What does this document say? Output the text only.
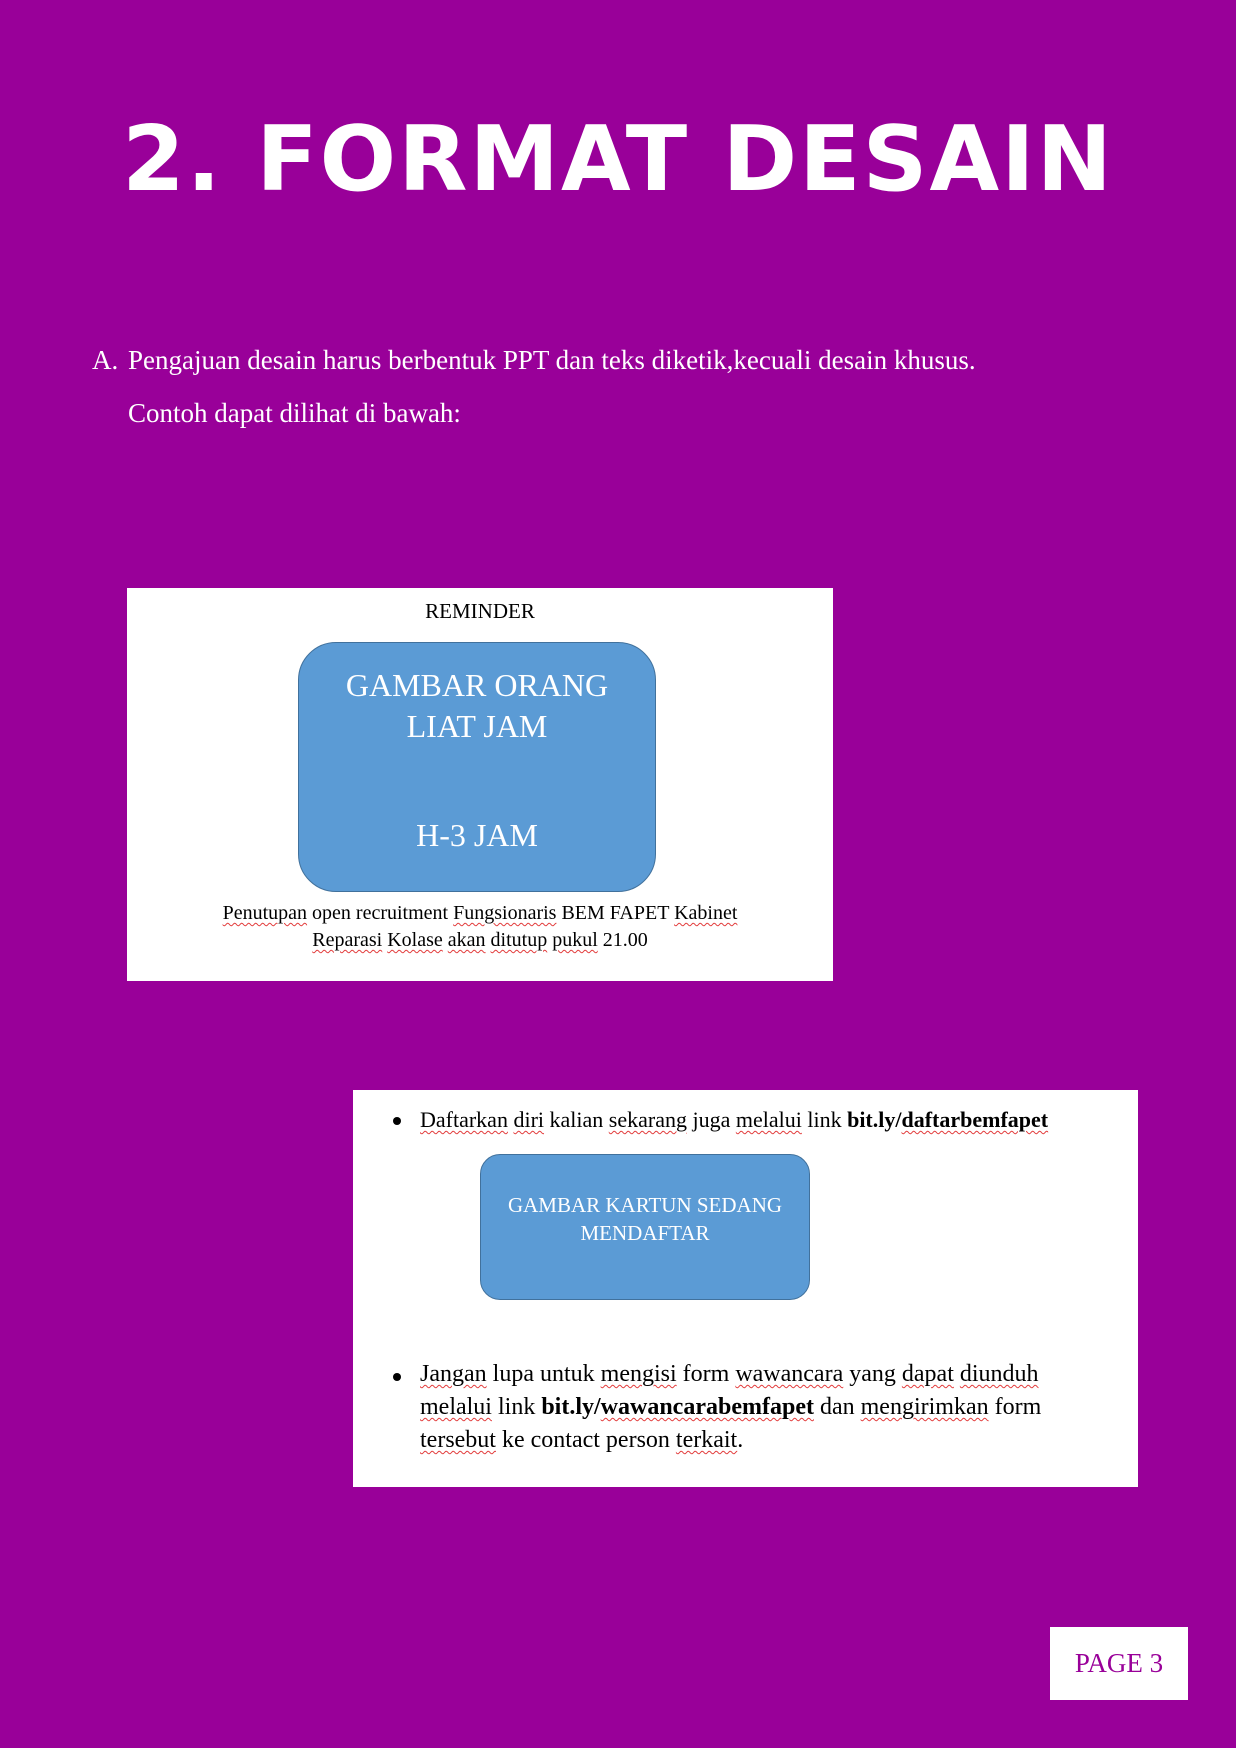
2. FORMAT DESAIN
A. Pengajuan desain harus berbentuk PPT dan teks diketik,kecuali desain khusus.
Contoh dapat dilihat di bawah:
REMINDER
GAMBAR ORANG LIAT JAM
H-3 JAM
Penutupan open recruitment Fungsionaris BEM FAPET Kabinet
Reparasi Kolase akan ditutup pukul 21.00
Daftarkan diri kalian sekarang juga melalui link bit.ly/daftarbemfapet
GAMBAR KARTUN SEDANG MENDAFTAR
Jangan lupa untuk mengisi form wawancara yang dapat diunduh
melalui link bit.ly/wawancarabemfapet dan mengirimkan form
tersebut ke contact person terkait.
PAGE 3
